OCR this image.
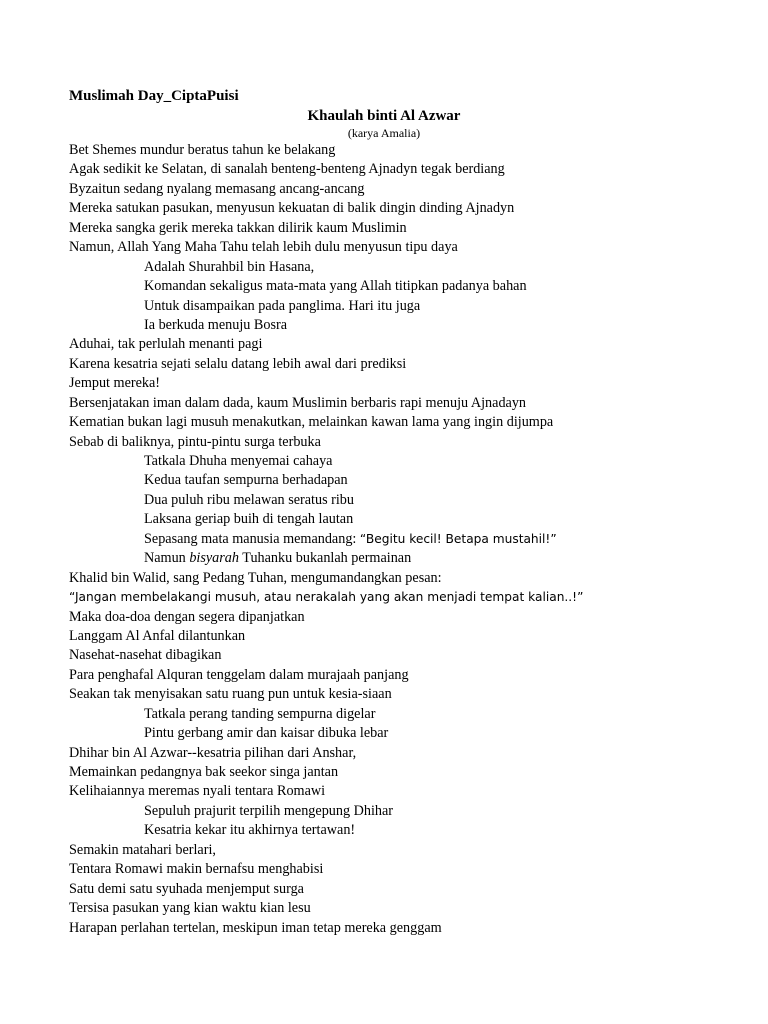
Muslimah Day_CiptaPuisi
Khaulah binti Al Azwar
(karya Amalia)
Bet Shemes mundur beratus tahun ke belakang
Agak sedikit ke Selatan, di sanalah benteng-benteng Ajnadyn tegak berdiang
Byzaitun sedang nyalang memasang ancang-ancang
Mereka satukan pasukan, menyusun kekuatan di balik dingin dinding Ajnadyn
Mereka sangka gerik mereka takkan dilirik kaum Muslimin
Namun, Allah Yang Maha Tahu telah lebih dulu menyusun tipu daya
Adalah Shurahbil bin Hasana,
Komandan sekaligus mata-mata yang Allah titipkan padanya bahan
Untuk disampaikan pada panglima. Hari itu juga
Ia berkuda menuju Bosra
Aduhai, tak perlulah menanti pagi
Karena kesatria sejati selalu datang lebih awal dari prediksi
Jemput mereka!
Bersenjatakan iman dalam dada, kaum Muslimin berbaris rapi menuju Ajnadayn
Kematian bukan lagi musuh menakutkan, melainkan kawan lama yang ingin dijumpa
Sebab di baliknya, pintu-pintu surga terbuka
Tatkala Dhuha menyemai cahaya
Kedua taufan sempurna berhadapan
Dua puluh ribu melawan seratus ribu
Laksana geriap buih di tengah lautan
Sepasang mata manusia memandang: “Begitu kecil! Betapa mustahil!”
Namun bisyarah Tuhanku bukanlah permainan
Khalid bin Walid, sang Pedang Tuhan, mengumandangkan pesan:
“Jangan membelakangi musuh, atau nerakalah yang akan menjadi tempat kalian..!”
Maka doa-doa dengan segera dipanjatkan
Langgam Al Anfal dilantunkan
Nasehat-nasehat dibagikan
Para penghafal Alquran tenggelam dalam murajaah panjang
Seakan tak menyisakan satu ruang pun untuk kesia-siaan
Tatkala perang tanding sempurna digelar
Pintu gerbang amir dan kaisar dibuka lebar
Dhihar bin Al Azwar--kesatria pilihan dari Anshar,
Memainkan pedangnya bak seekor singa jantan
Kelihaiannya meremas nyali tentara Romawi
Sepuluh prajurit terpilih mengepung Dhihar
Kesatria kekar itu akhirnya tertawan!
Semakin matahari berlari,
Tentara Romawi makin bernafsu menghabisi
Satu demi satu syuhada menjemput surga
Tersisa pasukan yang kian waktu kian lesu
Harapan perlahan tertelan, meskipun iman tetap mereka genggam
